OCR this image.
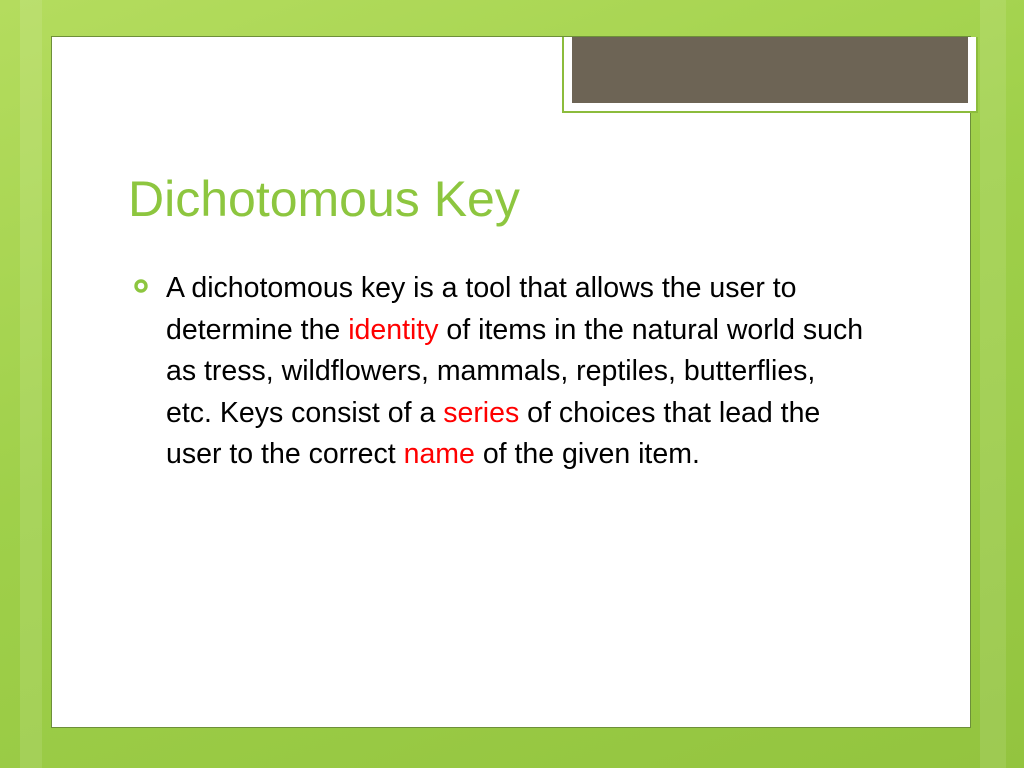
Dichotomous Key

A dichotomous key is a tool that allows the user to determine the identity of items in the natural world such as tress, wildflowers, mammals, reptiles, butterflies, etc. Keys consist of a series of choices that lead the user to the correct name of the given item.
